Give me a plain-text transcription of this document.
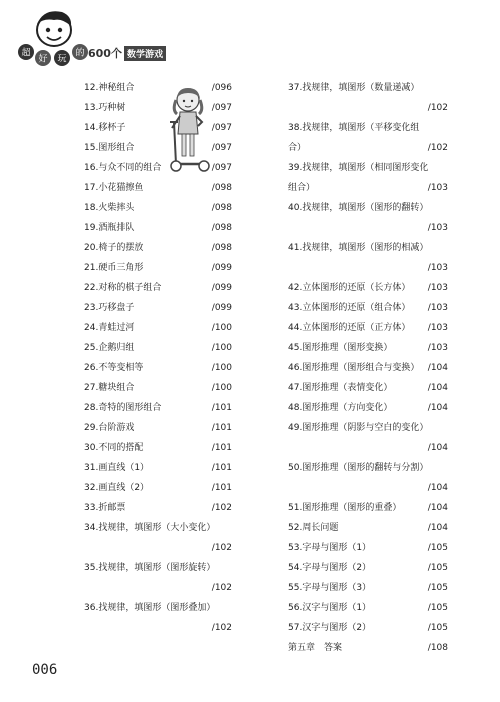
超
好 玩
的 600个 数学游戏
12.神秘组合	/096
13.巧种树	/097
14.移杯子	/097
15.图形组合	/097
16.与众不同的组合	/097
17.小花猫擦鱼	/098
18.火柴摔头	/098
19.酒瓶排队	/098
20.椅子的摆放	/098
21.硬币三角形	/099
22.对称的棋子组合	/099
23.巧移盘子	/099
24.青蛙过河	/100
25.企鹅归组	/100
26.不等变相等	/100
27.糖块组合	/100
28.奇特的图形组合	/101
29.台阶游戏	/101
30.不同的搭配	/101
31.画直线（1）	/101
32.画直线（2）	/101
33.折邮票	/102
34.找规律，填图形（大小变化）
/102
35.找规律，填图形（图形旋转）
/102
36.找规律，填图形（图形叠加）
/102
37.找规律，填图形（数量递减）
/102
38.找规律，填图形（平移变化组
合）	/102
39.找规律，填图形（相同图形变化
组合）	/103
40.找规律，填图形（图形的翻转）
/103
41.找规律，填图形（图形的相减）
/103
42.立体图形的还原（长方体） /103
43.立体图形的还原（组合体） /103
44.立体图形的还原（正方体） /103
45.图形推理（图形变换）	/103
46.图形推理（图形组合与变换） /104
47.图形推理（表情变化）	/104
48.图形推理（方向变化）	/104
49.图形推理（阴影与空白的变化）
/104
50.图形推理（图形的翻转与分割）
/104
51.图形推理（图形的重叠）	/104
52.周长问题	/104
53.字母与图形（1）	/105
54.字母与图形（2）	/105
55.字母与图形（3）	/105
56.汉字与图形（1）	/105
57.汉字与图形（2）	/105
第五章　答案	/108
006
